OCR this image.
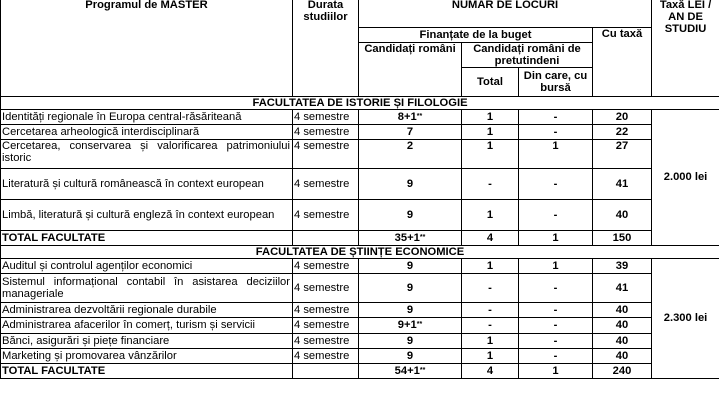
Programul de MASTER	Durata studiilor	NUMĂR DE LOCURI				Taxă LEI / AN DE STUDIU
		Finanțate de la buget			Cu taxă	
		Candidați români	Candidați români de pretutindeni			
			Total	Din care, cu bursă		
FACULTATEA DE ISTORIE ȘI FILOLOGIE						
Identități regionale în Europa central-răsăriteană	4 semestre	8+1**	1	-	20	2.000 lei
Cercetarea arheologică interdisciplinară	4 semestre	7	1	-	22	
Cercetarea, conservarea și valorificarea patrimoniului istoric	4 semestre	2	1	1	27	
Literatură și cultură românească în context european	4 semestre	9	-	-	41	
Limbă, literatură și cultură engleză în context european	4 semestre	9	1	-	40	
TOTAL FACULTATE		35+1**	4	1	150	
FACULTATEA DE ȘTIINȚE ECONOMICE						
Auditul și controlul agenților economici	4 semestre	9	1	1	39	2.300 lei
Sistemul informațional contabil în asistarea deciziilor manageriale	4 semestre	9	-	-	41	
Administrarea dezvoltării regionale durabile	4 semestre	9	-	-	40	
Administrarea afacerilor în comerț, turism și servicii	4 semestre	9+1**	-	-	40	
Bănci, asigurări și piețe financiare	4 semestre	9	1	-	40	
Marketing și promovarea vânzărilor	4 semestre	9	1	-	40	
TOTAL FACULTATE		54+1**	4	1	240	
